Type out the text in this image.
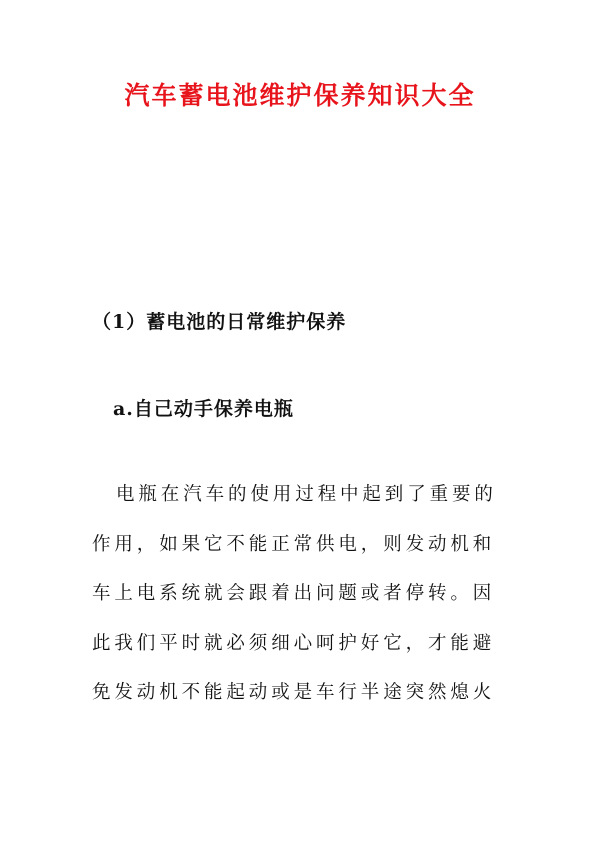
汽车蓄电池维护保养知识大全
（1）蓄电池的日常维护保养
a.自己动手保养电瓶
电瓶在汽车的使用过程中起到了重要的
作用，如果它不能正常供电，则发动机和
车上电系统就会跟着出问题或者停转。因
此我们平时就必须细心呵护好它，才能避
免发动机不能起动或是车行半途突然熄火
